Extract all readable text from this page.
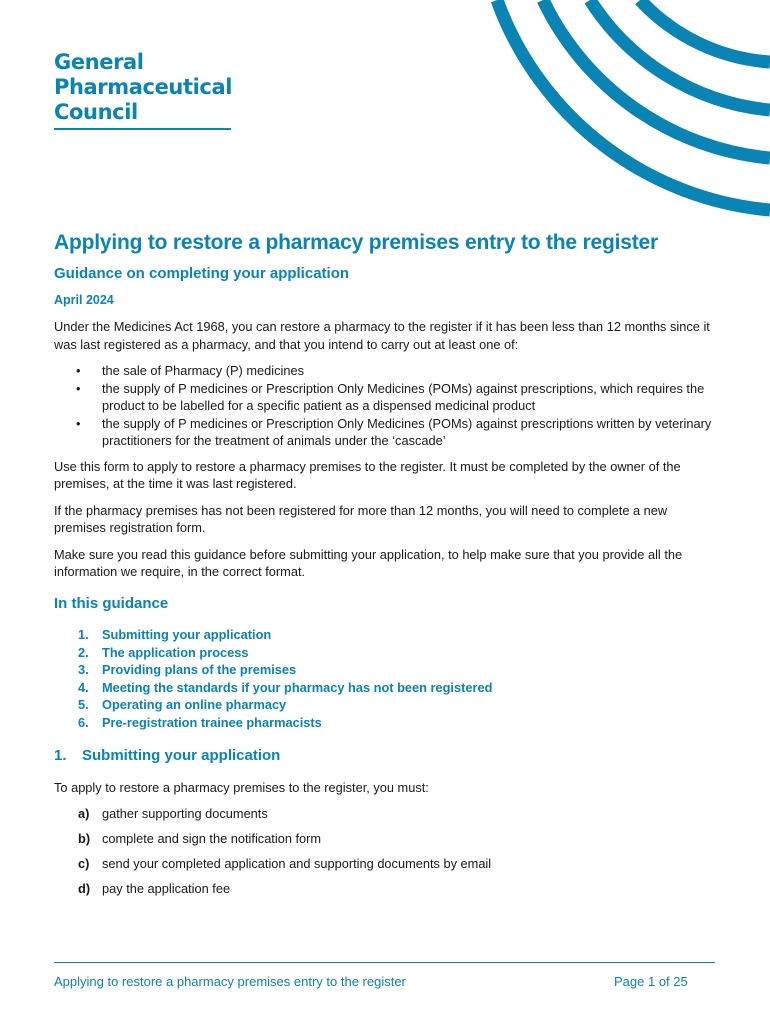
General
Pharmaceutical
Council
Applying to restore a pharmacy premises entry to the register
Guidance on completing your application
April 2024

Under the Medicines Act 1968, you can restore a pharmacy to the register if it has been less than 12 months since it was last registered as a pharmacy, and that you intend to carry out at least one of:

• the sale of Pharmacy (P) medicines
• the supply of P medicines or Prescription Only Medicines (POMs) against prescriptions, which requires the product to be labelled for a specific patient as a dispensed medicinal product
• the supply of P medicines or Prescription Only Medicines (POMs) against prescriptions written by veterinary practitioners for the treatment of animals under the ‘cascade’

Use this form to apply to restore a pharmacy premises to the register. It must be completed by the owner of the premises, at the time it was last registered.

If the pharmacy premises has not been registered for more than 12 months, you will need to complete a new premises registration form.

Make sure you read this guidance before submitting your application, to help make sure that you provide all the information we require, in the correct format.

In this guidance
1. Submitting your application
2. The application process
3. Providing plans of the premises
4. Meeting the standards if your pharmacy has not been registered
5. Operating an online pharmacy
6. Pre-registration trainee pharmacists
1. Submitting your application

To apply to restore a pharmacy premises to the register, you must:

a) gather supporting documents
b) complete and sign the notification form
c) send your completed application and supporting documents by email
d) pay the application fee
Applying to restore a pharmacy premises entry to the register	Page 1 of 25
